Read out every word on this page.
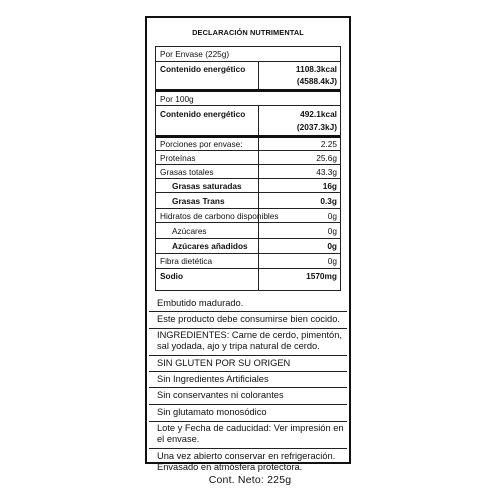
DECLARACIÓN NUTRIMENTAL
Por Envase (225g)
Contenido energético	1108.3kcal
(4588.4kJ)
Por 100g
Contenido energético	492.1kcal
(2037.3kJ)
Porciones por envase:	2.25
Proteínas	25.6g
Grasas totales	43.3g
Grasas saturadas	16g
Grasas Trans	0.3g
Hidratos de carbono disponibles	0g
Azúcares	0g
Azúcares añadidos	0g
Fibra dietética	0g
Sodio	1570mg
Embutido madurado.
Este producto debe consumirse bien cocido.
INGREDIENTES: Carne de cerdo, pimentón, sal yodada, ajo y tripa natural de cerdo.
SIN GLUTEN POR SU ORIGEN
Sin Ingredientes Artificiales
Sin conservantes ni colorantes
Sin glutamato monosódico
Lote y Fecha de caducidad: Ver impresión en el envase.
Una vez abierto conservar en refrigeración. Envasado en atmósfera protectora.
Cont. Neto: 225g
